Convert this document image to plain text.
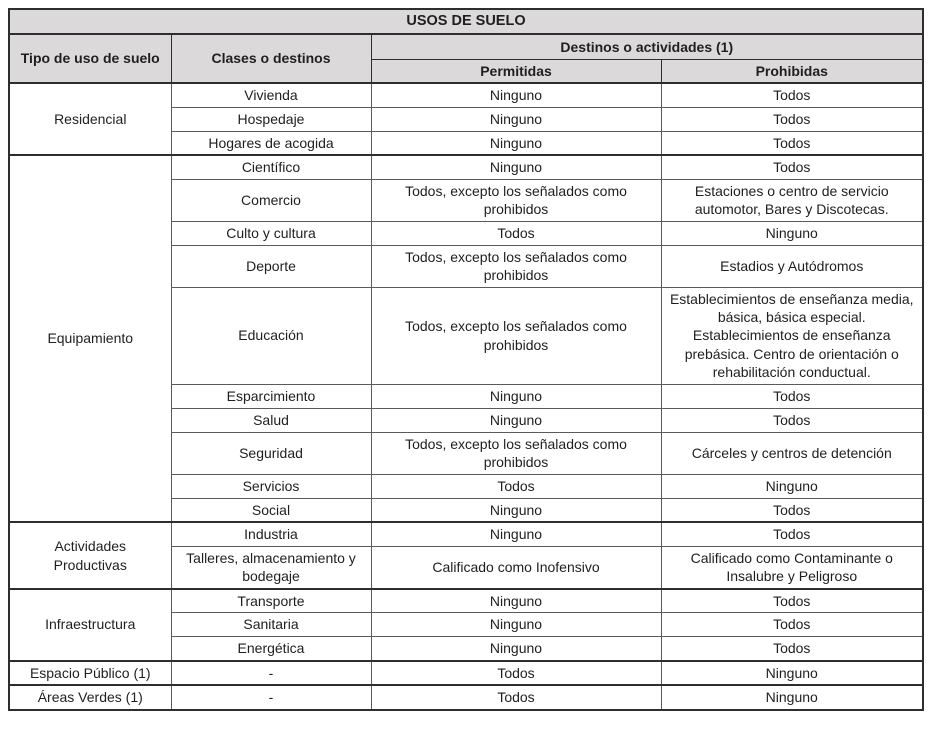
USOS DE SUELO			
Tipo de uso de suelo	Clases o destinos	Destinos o actividades (1)	
		Permitidas	Prohibidas
Residencial	Vivienda	Ninguno	Todos
	Hospedaje	Ninguno	Todos
	Hogares de acogida	Ninguno	Todos
Equipamiento	Científico	Ninguno	Todos
	Comercio	Todos, excepto los señalados como prohibidos	Estaciones o centro de servicio automotor, Bares y Discotecas.
	Culto y cultura	Todos	Ninguno
	Deporte	Todos, excepto los señalados como prohibidos	Estadios y Autódromos
	Educación	Todos, excepto los señalados como prohibidos	Establecimientos de enseñanza media, básica, básica especial. Establecimientos de enseñanza prebásica. Centro de orientación o rehabilitación conductual.
	Esparcimiento	Ninguno	Todos
	Salud	Ninguno	Todos
	Seguridad	Todos, excepto los señalados como prohibidos	Cárceles y centros de detención
	Servicios	Todos	Ninguno
	Social	Ninguno	Todos
Actividades Productivas	Industria	Ninguno	Todos
	Talleres, almacenamiento y bodegaje	Calificado como Inofensivo	Calificado como Contaminante o Insalubre y Peligroso
Infraestructura	Transporte	Ninguno	Todos
	Sanitaria	Ninguno	Todos
	Energética	Ninguno	Todos
Espacio Público (1)	-	Todos	Ninguno
Áreas Verdes (1)	-	Todos	Ninguno
